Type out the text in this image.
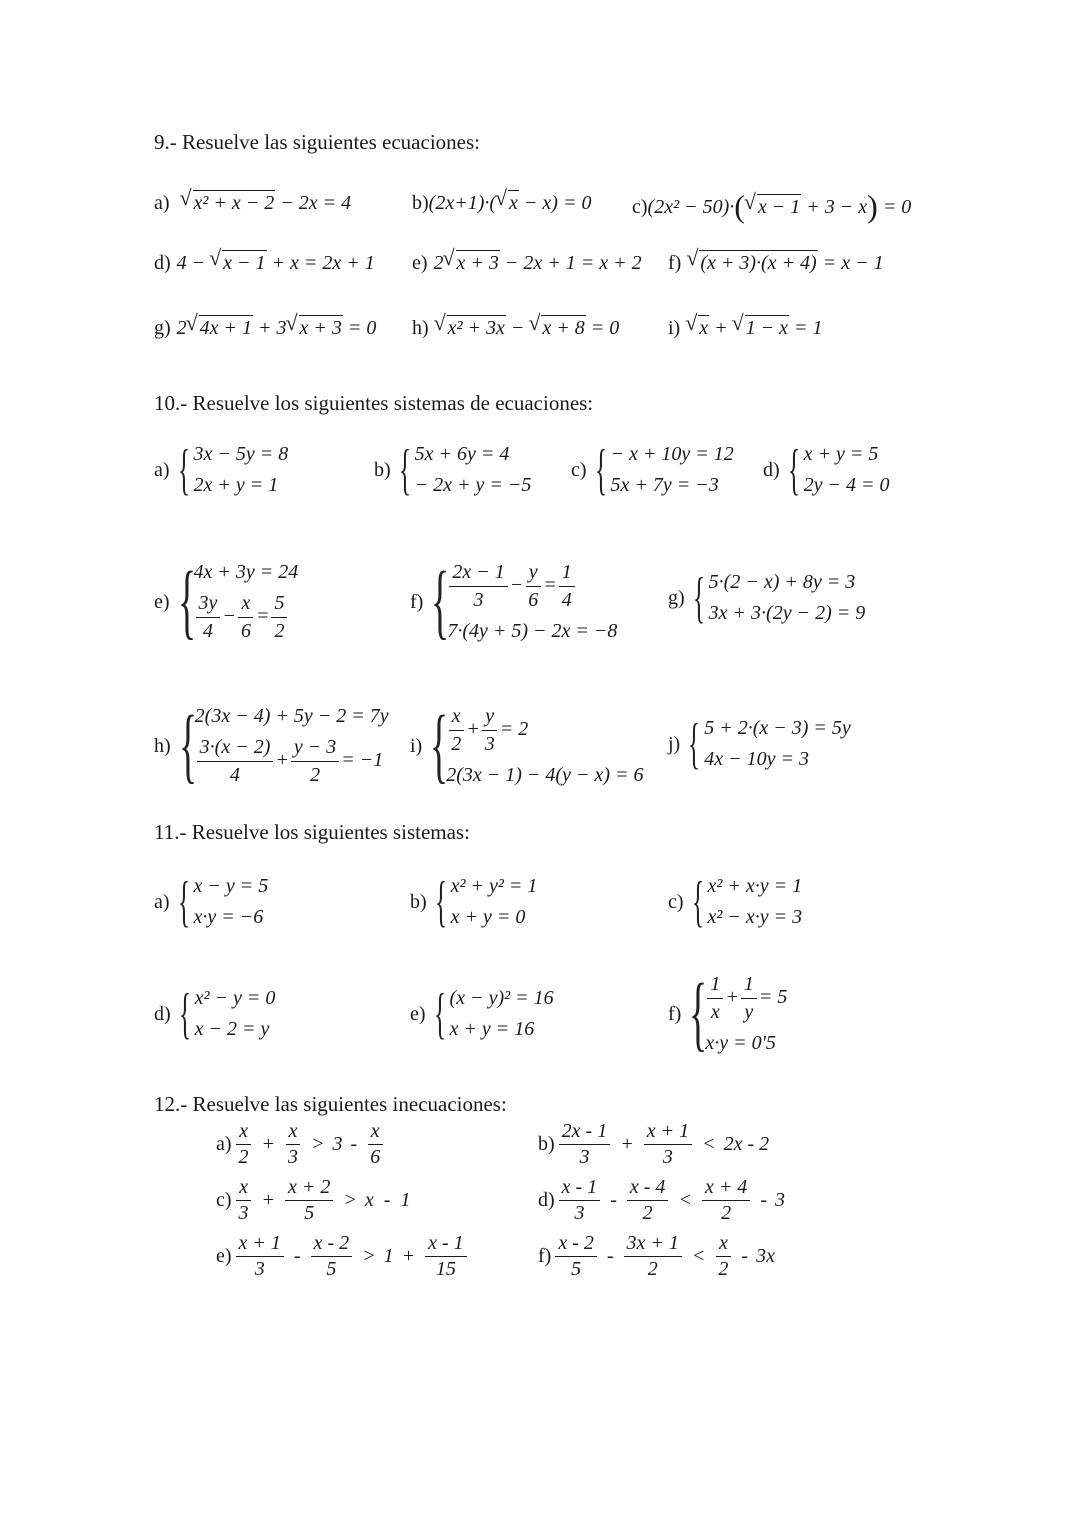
9.- Resuelve las siguientes ecuaciones:
a) √ x² + x − 2 − 2x = 4	b)(2x+1)·( √ x − x) = 0 c)(2x² − 50)·( √ x − 1 + 3 − x) = 0
d) 4 − √ x − 1 + x = 2x + 1 e) 2 √ x + 3 − 2x + 1 = x + 2 f) √ (x + 3)·(x + 4) = x − 1
g) 2 √ 4x + 1 + 3 √ x + 3 = 0 h) √ x² + 3x − √ x + 8 = 0 i) √ x + √ 1 − x = 1
10.- Resuelve los siguientes sistemas de ecuaciones:
a) { 3x − 5y = 8
2x + y = 1
b) { 5x + 6y = 4
− 2x + y = −5
c) { − x + 10y = 12
5x + 7y = −3
d) { x + y = 5
2y − 4 = 0
e) {
4x + 3y = 24
$\frac{3y}{4} - \frac{x}{6} = \frac{5}{2}$	f) { $\frac{2x - 1}{3} - \frac{y}{6} = \frac{1}{4}$
7·(4y + 5) − 2x = −8
g) { 5·(2 − x) + 8y = 3
3x + 3·(2y − 2) = 9
h) {
2(3x − 4) + 5y − 2 = 7y
$\frac{3\cdot(x - 2)}{4} + \frac{y - 3}{2} = -1$
i) { $\frac{x}{2} + \frac{y}{3} = 2$
2(3x − 1) − 4(y − x) = 6
j) { 5 + 2·(x − 3) = 5y
4x − 10y = 3
11.- Resuelve los siguientes sistemas:
a) { x − y = 5
x·y = −6
b) { x² + y² = 1
x + y = 0
c) { x² + x·y = 1
x² − x·y = 3
d) { x² − y = 0
x − 2 = y
e) { (x − y)² = 16
x + y = 16
f) { $\frac{1}{x} + \frac{1}{y} = 5$
x·y = 0'5
12.- Resuelve las siguientes inecuaciones:
$a) \frac{x}{2} + \frac{x}{3} > 3 - \frac{x}{6}$	$b) \frac{2x - 1}{3} + \frac{x + 1}{3} < 2x - 2$
$c) \frac{x}{3} + \frac{x + 2}{5} > x - 1$	$d) \frac{x - 1}{3} - \frac{x - 4}{2} < \frac{x + 4}{2} - 3$
$e) \frac{x + 1}{3} - \frac{x - 2}{5} > 1 + \frac{x - 1}{15}$	$f) \frac{x - 2}{5} - \frac{3x + 1}{2} < \frac{x}{2} - 3x$
